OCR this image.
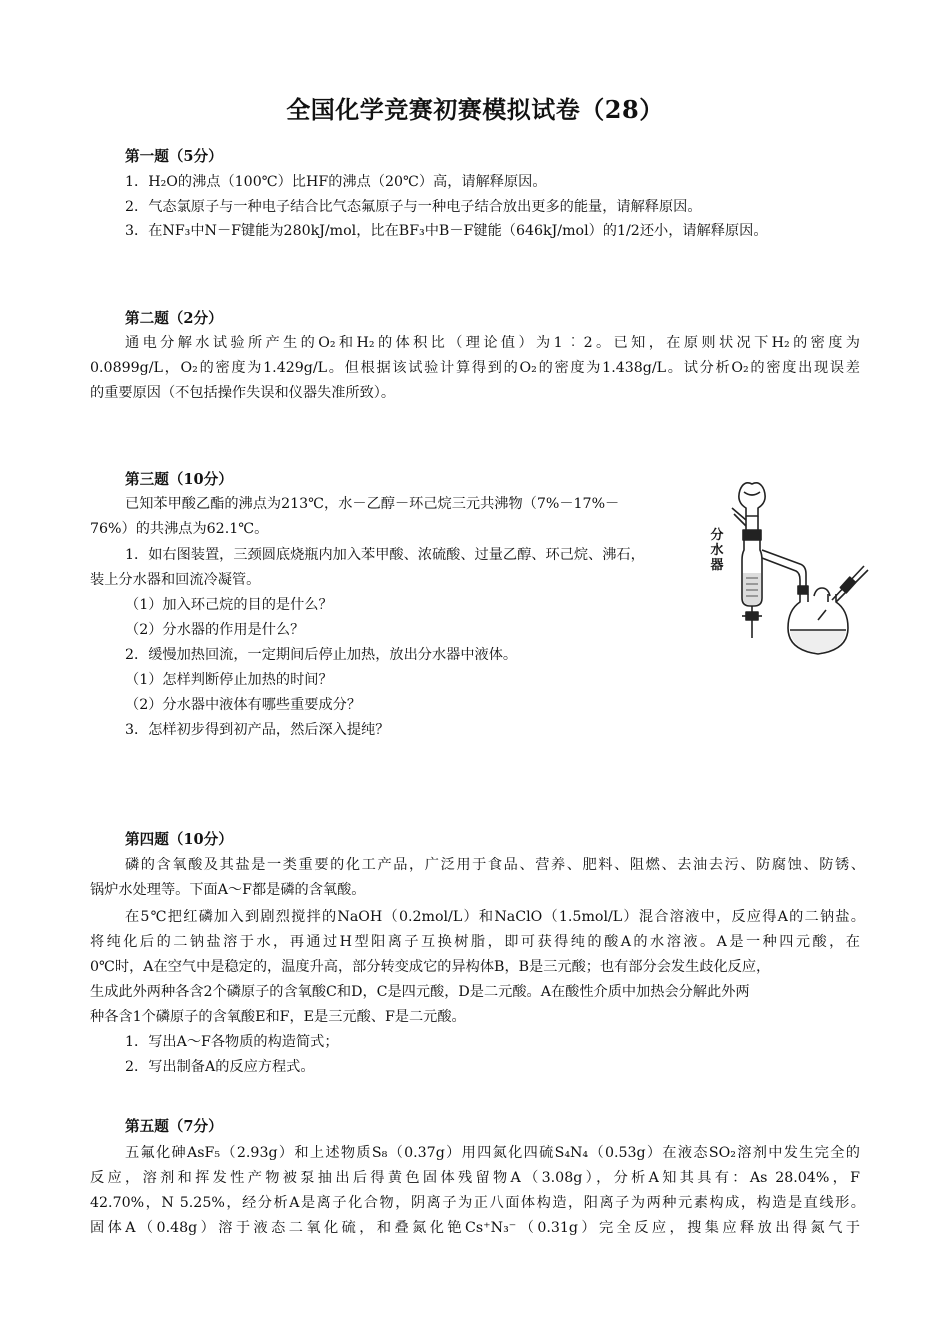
全国化学竞赛初赛模拟试卷（28）
第一题（5分）
1．H₂O的沸点（100℃）比HF的沸点（20℃）高，请解释原因。
2．气态氯原子与一种电子结合比气态氟原子与一种电子结合放出更多的能量，请解释原因。
3．在NF₃中N－F键能为280kJ/mol，比在BF₃中B－F键能（646kJ/mol）的1/2还小，请解释原因。
第二题（2分）
通电分解水试验所产生的O₂和H₂的体积比（理论值）为1︰2。已知，在原则状况下H₂的密度为
0.0899g/L，O₂的密度为1.429g/L。但根据该试验计算得到的O₂的密度为1.438g/L。试分析O₂的密度出现误差
的重要原因（不包括操作失误和仪器失准所致）。
第三题（10分）
已知苯甲酸乙酯的沸点为213℃，水－乙醇－环己烷三元共沸物（7%－17%－
76%）的共沸点为62.1℃。
1．如右图装置，三颈圆底烧瓶内加入苯甲酸、浓硫酸、过量乙醇、环己烷、沸石，
装上分水器和回流冷凝管。
（1）加入环己烷的目的是什么？
（2）分水器的作用是什么？
2．缓慢加热回流，一定期间后停止加热，放出分水器中液体。
（1）怎样判断停止加热的时间？
（2）分水器中液体有哪些重要成分？
3．怎样初步得到初产品，然后深入提纯？
分水器
第四题（10分）
磷的含氧酸及其盐是一类重要的化工产品，广泛用于食品、营养、肥料、阻燃、去油去污、防腐蚀、防锈、
锅炉水处理等。下面A～F都是磷的含氧酸。
在5℃把红磷加入到剧烈搅拌的NaOH（0.2mol/L）和NaClO（1.5mol/L）混合溶液中，反应得A的二钠盐。
将纯化后的二钠盐溶于水，再通过H型阳离子互换树脂，即可获得纯的酸A的水溶液。A是一种四元酸，在
0℃时，A在空气中是稳定的，温度升高，部分转变成它的异构体B，B是三元酸；也有部分会发生歧化反应，
生成此外两种各含2个磷原子的含氧酸C和D，C是四元酸，D是二元酸。A在酸性介质中加热会分解此外两
种各含1个磷原子的含氧酸E和F，E是三元酸、F是二元酸。
1．写出A～F各物质的构造简式；
2．写出制备A的反应方程式。
第五题（7分）
五氟化砷AsF₅（2.93g）和上述物质S₈（0.37g）用四氮化四硫S₄N₄（0.53g）在液态SO₂溶剂中发生完全的
反应，溶剂和挥发性产物被泵抽出后得黄色固体残留物A（3.08g），分析A知其具有：As 28.04%，F
42.70%，N 5.25%，经分析A是离子化合物，阴离子为正八面体构造，阳离子为两种元素构成，构造是直线形。
固体A（0.48g）溶于液态二氧化硫，和叠氮化铯Cs⁺N₃⁻（0.31g）完全反应，搜集应释放出得氮气于
